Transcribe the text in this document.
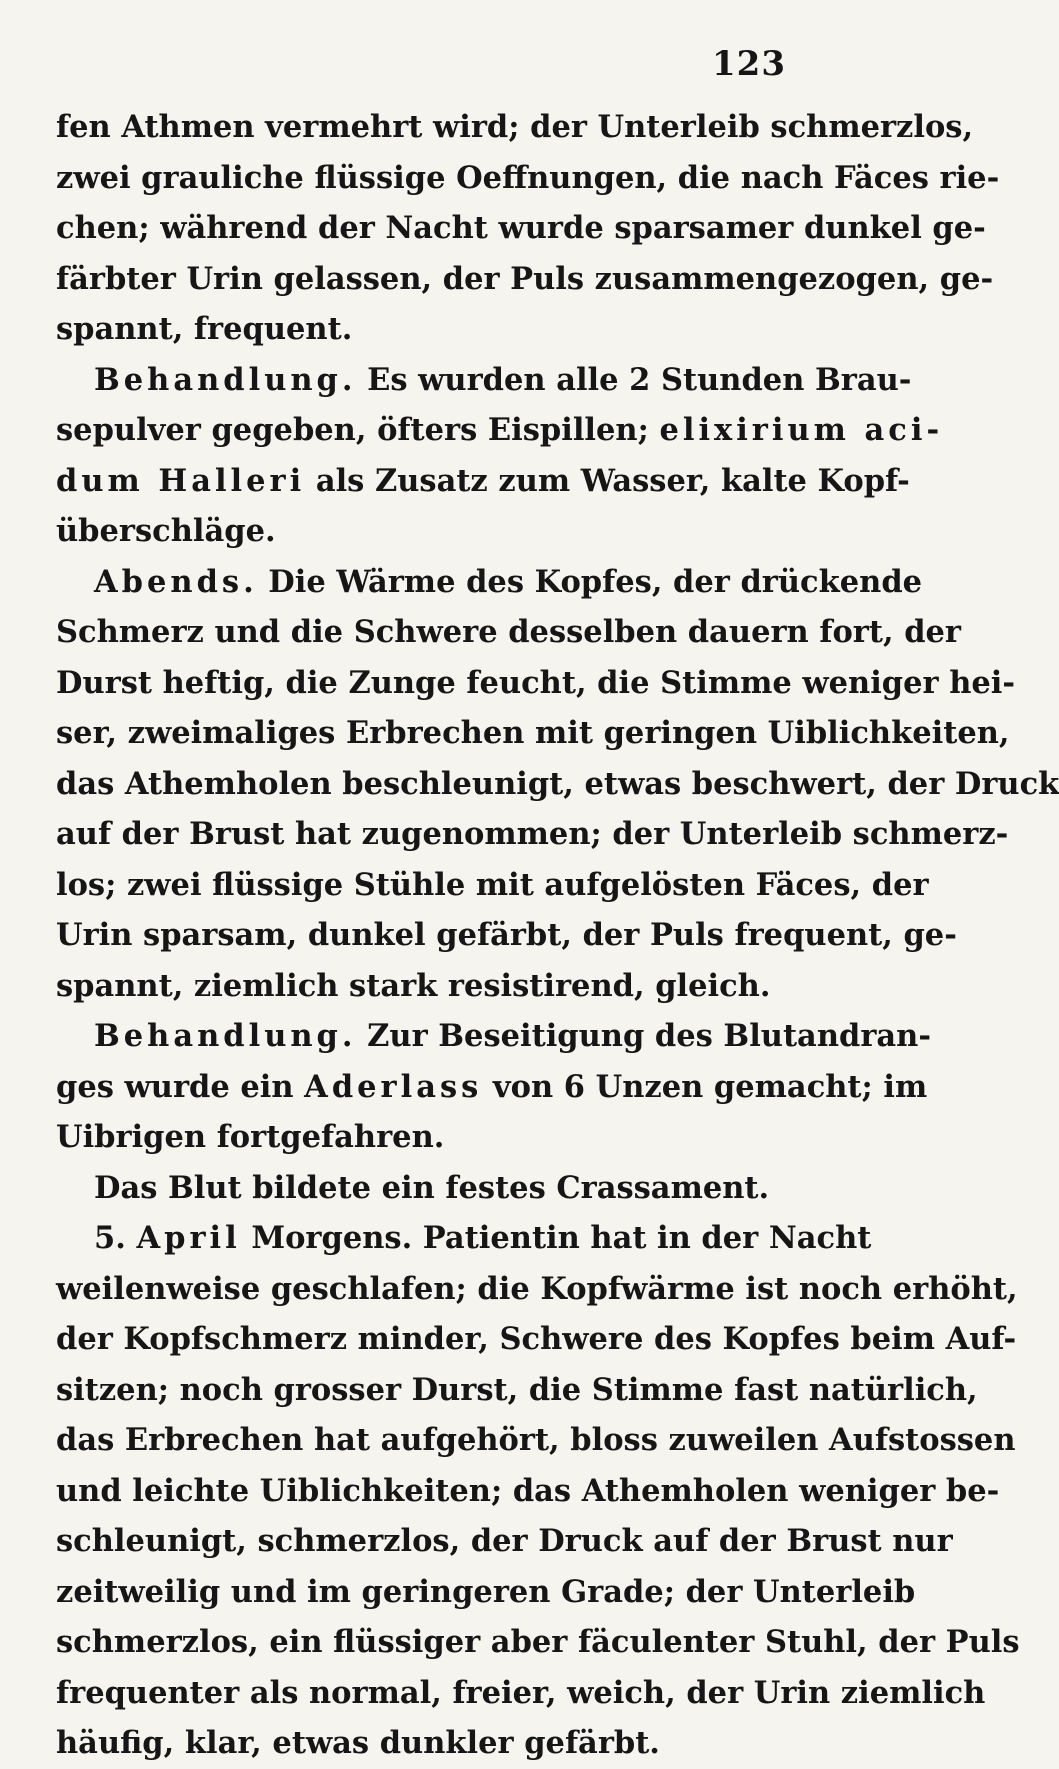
123
fen Athmen vermehrt wird; der Unterleib schmerzlos,
zwei grauliche flüssige Oeffnungen, die nach Fäces rie-
chen; während der Nacht wurde sparsamer dunkel ge-
färbter Urin gelassen, der Puls zusammengezogen, ge-
spannt, frequent.
Behandlung. Es wurden alle 2 Stunden Brau-
sepulver gegeben, öfters Eispillen; elixirium aci-
dum Halleri als Zusatz zum Wasser, kalte Kopf-
überschläge.
Abends. Die Wärme des Kopfes, der drückende
Schmerz und die Schwere desselben dauern fort, der
Durst heftig, die Zunge feucht, die Stimme weniger hei-
ser, zweimaliges Erbrechen mit geringen Uiblichkeiten,
das Athemholen beschleunigt, etwas beschwert, der Druck
auf der Brust hat zugenommen; der Unterleib schmerz-
los; zwei flüssige Stühle mit aufgelösten Fäces, der
Urin sparsam, dunkel gefärbt, der Puls frequent, ge-
spannt, ziemlich stark resistirend, gleich.
Behandlung. Zur Beseitigung des Blutandran-
ges wurde ein Aderlass von 6 Unzen gemacht; im
Uibrigen fortgefahren.
Das Blut bildete ein festes Crassament.
5. April Morgens. Patientin hat in der Nacht
weilenweise geschlafen; die Kopfwärme ist noch erhöht,
der Kopfschmerz minder, Schwere des Kopfes beim Auf-
sitzen; noch grosser Durst, die Stimme fast natürlich,
das Erbrechen hat aufgehört, bloss zuweilen Aufstossen
und leichte Uiblichkeiten; das Athemholen weniger be-
schleunigt, schmerzlos, der Druck auf der Brust nur
zeitweilig und im geringeren Grade; der Unterleib
schmerzlos, ein flüssiger aber fäculenter Stuhl, der Puls
frequenter als normal, freier, weich, der Urin ziemlich
häufig, klar, etwas dunkler gefärbt.
